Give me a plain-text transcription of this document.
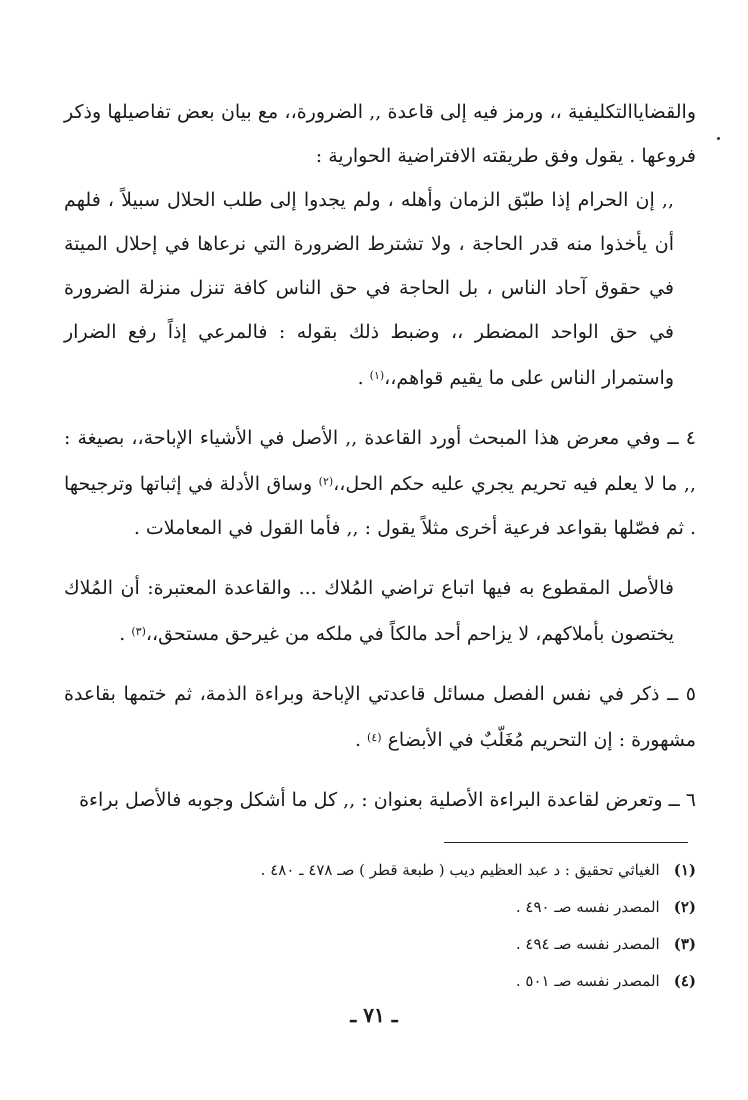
والقضاياالتكليفية ،، ورمز فيه إلى قاعدة ,, الضرورة،، مع بيان بعض تفاصيلها وذكر فروعها . يقول وفق طريقته الافتراضية الحوارية :

,, إن الحرام إذا طبّق الزمان وأهله ، ولم يجدوا إلى طلب الحلال سبيلاً ، فلهم أن يأخذوا منه قدر الحاجة ، ولا تشترط الضرورة التي نرعاها في إحلال الميتة في حقوق آحاد الناس ، بل الحاجة في حق الناس كافة تنزل منزلة الضرورة في حق الواحد المضطر ،، وضبط ذلك بقوله : فالمرعي إذاً رفع الضرار واستمرار الناس على ما يقيم قواهم،،$^{(١)}$ .

٤ ــ وفي معرض هذا المبحث أورد القاعدة ,, الأصل في الأشياء الإباحة،، بصيغة : ,, ما لا يعلم فيه تحريم يجري عليه حكم الحل،،$^{(٢)}$ وساق الأدلة في إثباتها وترجيحها . ثم فصّلها بقواعد فرعية أخرى مثلاً يقول : ,, فأما القول في المعاملات .

فالأصل المقطوع به فيها اتباع تراضي المُلاك ... والقاعدة المعتبرة: أن المُلاك يختصون بأملاكهم، لا يزاحم أحد مالكاً في ملكه من غيرحق مستحق،،$^{(٣)}$ .

٥ ــ ذكر في نفس الفصل مسائل قاعدتي الإباحة وبراءة الذمة، ثم ختمها بقاعدة مشهورة : إن التحريم مُغَلّبٌ في الأبضاع $^{(٤)}$ .

٦ ــ وتعرض لقاعدة البراءة الأصلية بعنوان : ,, كل ما أشكل وجوبه فالأصل براءة

(١)
الغياثي تحقيق : د عبد العظيم ديب ( طبعة قطر ) صـ ٤٧٨ ـ ٤٨٠ .
(٢)
المصدر نفسه صـ ٤٩٠ .
(٣)
المصدر نفسه صـ ٤٩٤ .
(٤)
المصدر نفسه صـ ٥٠١ .
ـ ٧١ ـ
